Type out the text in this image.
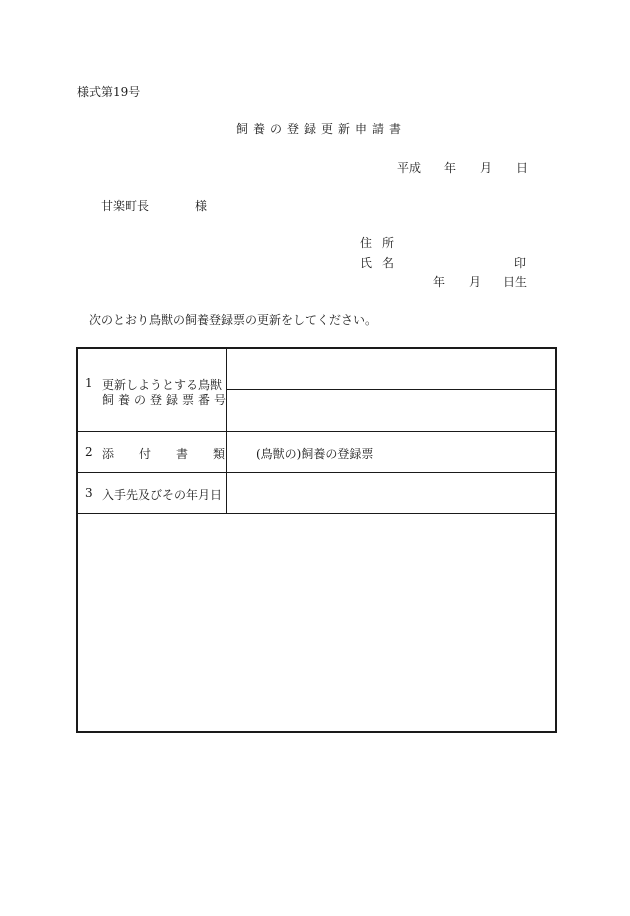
様式第19号
飼養の登録更新申請書
平成 年 月 日
甘楽町長	様
住所
氏名	印
年 月 日生
次のとおり鳥獣の飼養登録票の更新をしてください。
1 更新しようとする鳥獣
飼養の登録票番号
2 添付書類 (鳥獣の)飼養の登録票
3 入手先及びその年月日
